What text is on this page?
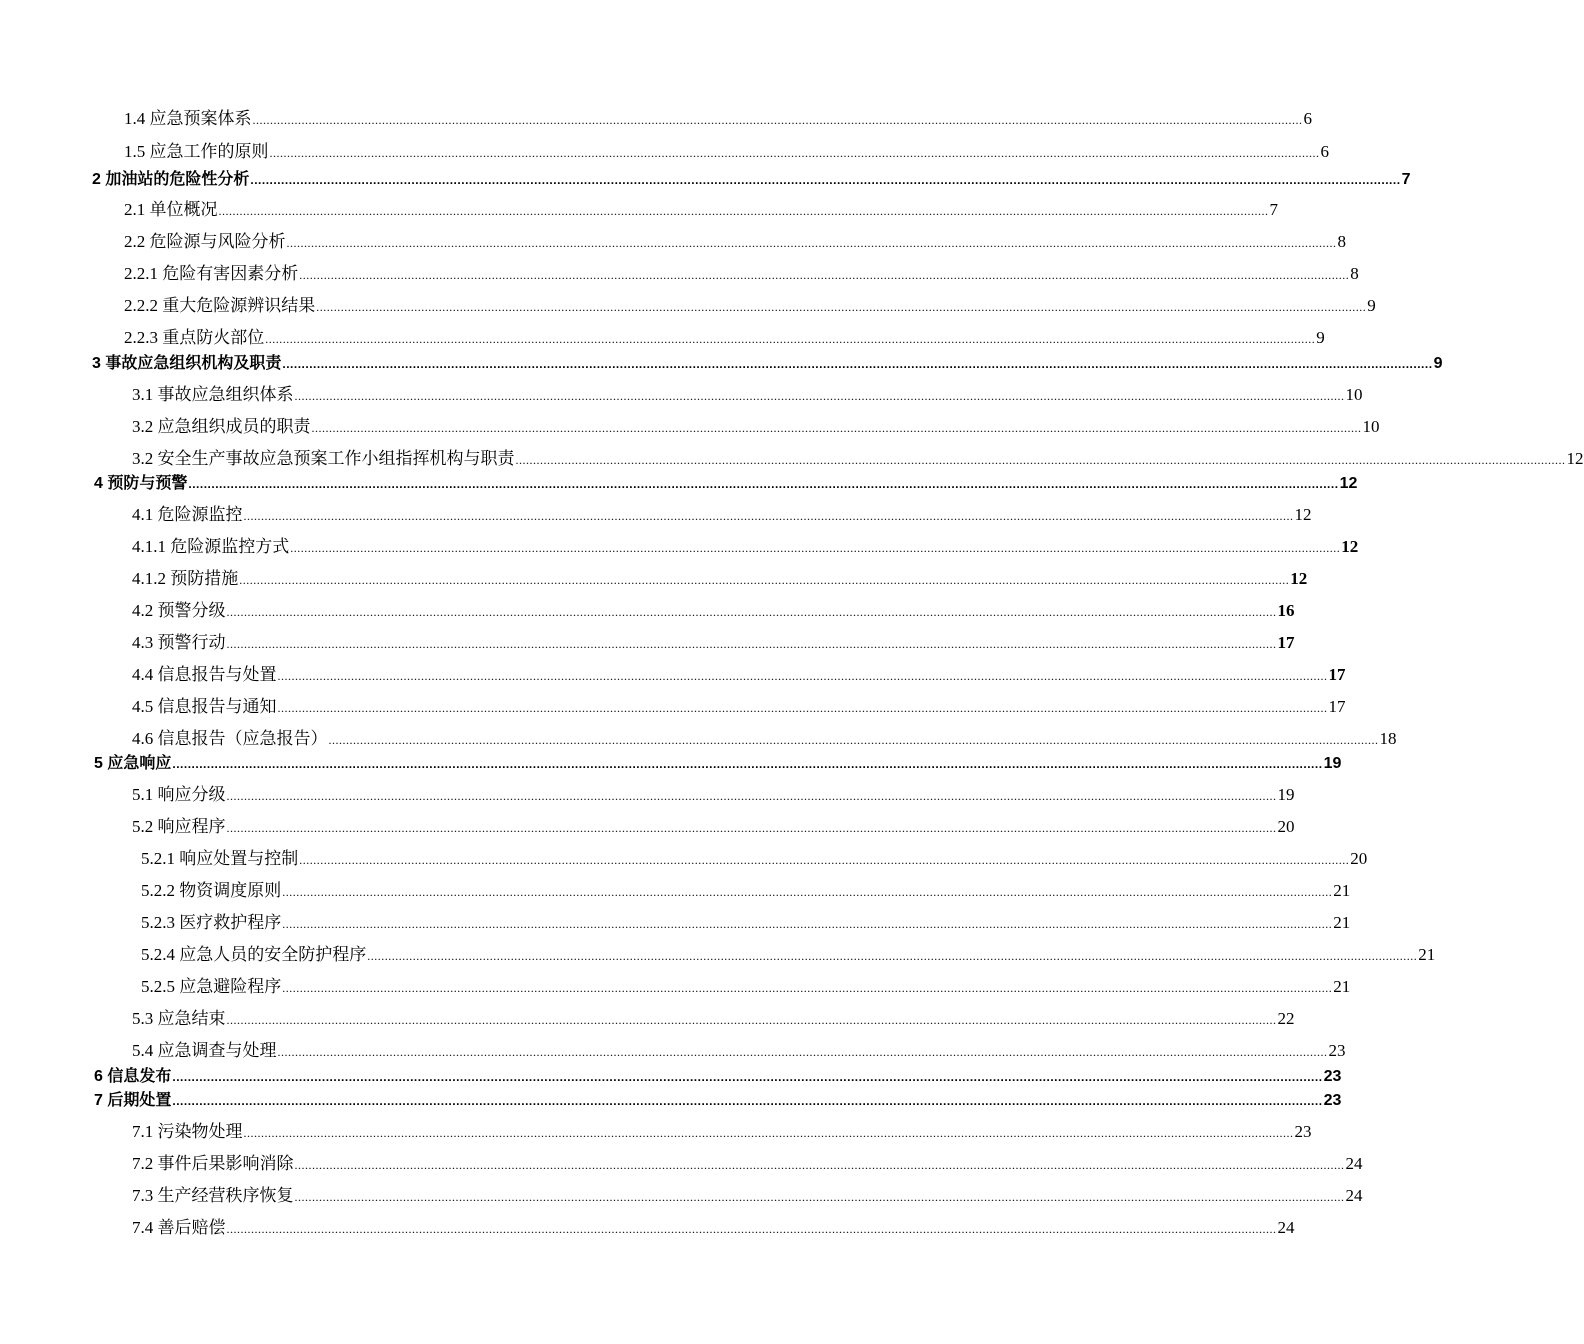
1.4 应急预案体系 ............................................................................................................................................................................................................................................................................................................ 6
1.5 应急工作的原则 ............................................................................................................................................................................................................................................................................................................ 6
2 加油站的危险性分析 ............................................................................................................................................................................................................................................................................................................ 7
2.1 单位概况 ............................................................................................................................................................................................................................................................................................................ 7
2.2 危险源与风险分析 ............................................................................................................................................................................................................................................................................................................ 8
2.2.1 危险有害因素分析 ............................................................................................................................................................................................................................................................................................................ 8
2.2.2 重大危险源辨识结果 ............................................................................................................................................................................................................................................................................................................ 9
2.2.3 重点防火部位 ............................................................................................................................................................................................................................................................................................................ 9
3 事故应急组织机构及职责 ............................................................................................................................................................................................................................................................................................................ 9
3.1 事故应急组织体系 ............................................................................................................................................................................................................................................................................................................ 10
3.2 应急组织成员的职责 ............................................................................................................................................................................................................................................................................................................ 10
3.2 安全生产事故应急预案工作小组指挥机构与职责 ............................................................................................................................................................................................................................................................................................................ 12
4 预防与预警 ............................................................................................................................................................................................................................................................................................................ 12
4.1 危险源监控 ............................................................................................................................................................................................................................................................................................................ 12
4.1.1 危险源监控方式 ............................................................................................................................................................................................................................................................................................................ 12
4.1.2 预防措施 ............................................................................................................................................................................................................................................................................................................ 12
4.2 预警分级 ............................................................................................................................................................................................................................................................................................................ 16
4.3 预警行动 ............................................................................................................................................................................................................................................................................................................ 17
4.4 信息报告与处置 ............................................................................................................................................................................................................................................................................................................ 17
4.5 信息报告与通知 ............................................................................................................................................................................................................................................................................................................ 17
4.6 信息报告（应急报告） ............................................................................................................................................................................................................................................................................................................ 18
5 应急响应 ............................................................................................................................................................................................................................................................................................................ 19
5.1 响应分级 ............................................................................................................................................................................................................................................................................................................ 19
5.2 响应程序 ............................................................................................................................................................................................................................................................................................................ 20
5.2.1 响应处置与控制 ............................................................................................................................................................................................................................................................................................................ 20
5.2.2 物资调度原则 ............................................................................................................................................................................................................................................................................................................ 21
5.2.3 医疗救护程序 ............................................................................................................................................................................................................................................................................................................ 21
5.2.4 应急人员的安全防护程序 ............................................................................................................................................................................................................................................................................................................ 21
5.2.5 应急避险程序 ............................................................................................................................................................................................................................................................................................................ 21
5.3 应急结束 ............................................................................................................................................................................................................................................................................................................ 22
5.4 应急调查与处理 ............................................................................................................................................................................................................................................................................................................ 23
6 信息发布 ............................................................................................................................................................................................................................................................................................................ 23
7 后期处置 ............................................................................................................................................................................................................................................................................................................ 23
7.1 污染物处理 ............................................................................................................................................................................................................................................................................................................ 23
7.2 事件后果影响消除 ............................................................................................................................................................................................................................................................................................................ 24
7.3 生产经营秩序恢复 ............................................................................................................................................................................................................................................................................................................ 24
7.4 善后赔偿 ............................................................................................................................................................................................................................................................................................................ 24
